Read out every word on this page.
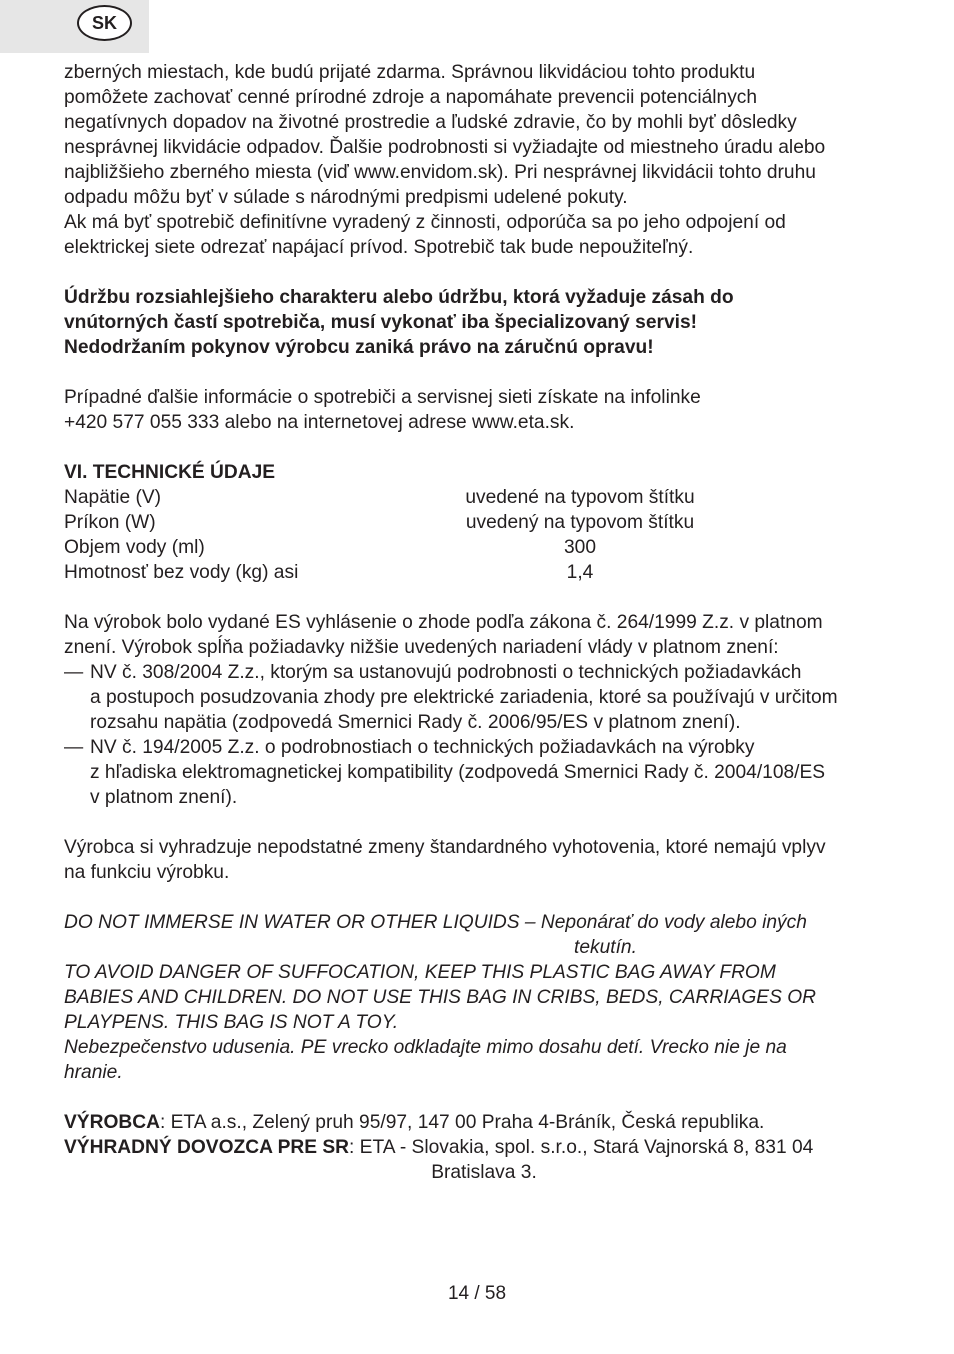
SK

zberných miestach, kde budú prijaté zdarma. Správnou likvidáciou tohto produktu

pomôžete zachovať cenné prírodné zdroje a napomáhate prevencii potenciálnych

negatívnych dopadov na životné prostredie a ľudské zdravie, čo by mohli byť dôsledky

nesprávnej likvidácie odpadov. Ďalšie podrobnosti si vyžiadajte od miestneho úradu alebo

najbližšieho zberného miesta (viď www.envidom.sk). Pri nesprávnej likvidácii tohto druhu

odpadu môžu byť v súlade s národnými predpismi udelené pokuty.

Ak má byť spotrebič definitívne vyradený z činnosti, odporúča sa po jeho odpojení od

elektrickej siete odrezať napájací prívod. Spotrebič tak bude nepoužiteľný.

Údržbu rozsiahlejšieho charakteru alebo údržbu, ktorá vyžaduje zásah do

vnútorných častí spotrebiča, musí vykonať iba špecializovaný servis!

Nedodržaním pokynov výrobcu zaniká právo na záručnú opravu!

Prípadné ďalšie informácie o spotrebiči a servisnej sieti získate na infolinke

+420 577 055 333 alebo na internetovej adrese www.eta.sk.

VI. TECHNICKÉ ÚDAJE

Napätie (V)	uvedené na typovom štítku
Príkon (W)	uvedený na typovom štítku
Objem vody (ml)	300
Hmotnosť bez vody (kg) asi	1,4

Na výrobok bolo vydané ES vyhlásenie o zhode podľa zákona č. 264/1999 Z.z. v platnom

znení. Výrobok spĺňa požiadavky nižšie uvedených nariadení vlády v platnom znení:

— NV č. 308/2004 Z.z., ktorým sa ustanovujú podrobnosti o technických požiadavkách

a postupoch posudzovania zhody pre elektrické zariadenia, ktoré sa používajú v určitom

rozsahu napätia (zodpovedá Smernici Rady č. 2006/95/ES v platnom znení).

— NV č. 194/2005 Z.z. o podrobnostiach o technických požiadavkách na výrobky

z hľadiska elektromagnetickej kompatibility (zodpovedá Smernici Rady č. 2004/108/ES

v platnom znení).

Výrobca si vyhradzuje nepodstatné zmeny štandardného vyhotovenia, ktoré nemajú vplyv

na funkciu výrobku.

DO NOT IMMERSE IN WATER OR OTHER LIQUIDS – Neponárať do vody alebo iných

tekutín.

TO AVOID DANGER OF SUFFOCATION, KEEP THIS PLASTIC BAG AWAY FROM

BABIES AND CHILDREN. DO NOT USE THIS BAG IN CRIBS, BEDS, CARRIAGES OR

PLAYPENS. THIS BAG IS NOT A TOY.

Nebezpečenstvo udusenia. PE vrecko odkladajte mimo dosahu detí. Vrecko nie je na

hranie.

VÝROBCA: ETA a.s., Zelený pruh 95/97, 147 00 Praha 4-Bráník, Česká republika.

VÝHRADNÝ DOVOZCA PRE SR: ETA - Slovakia, spol. s.r.o., Stará Vajnorská 8, 831 04

Bratislava 3.

14 / 58
